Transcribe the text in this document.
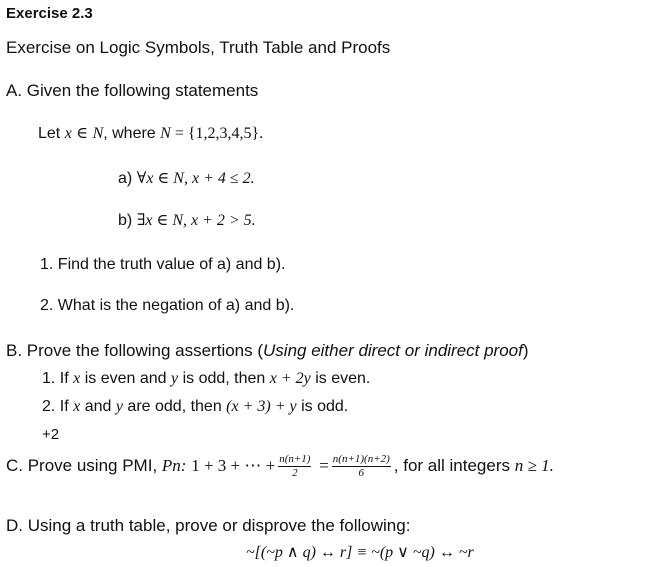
Exercise 2.3
Exercise on Logic Symbols, Truth Table and Proofs
A. Given the following statements
Let x ∈ N, where N = {1,2,3,4,5}.
a) ∀x ∈ N, x + 4 ≤ 2.
b) ∃x ∈ N, x + 2 > 5.
1. Find the truth value of a) and b).
2. What is the negation of a) and b).
B. Prove the following assertions (Using either direct or indirect proof)
1. If x is even and y is odd, then x + 2y is even.
2. If x and y are odd, then (x + 3) + y is odd.
+2
C. Prove using PMI, Pn: 1 + 3 + ⋯ + $\frac{n(n+1)}{2} = \frac{n(n+1)(n+2)}{6}$ , for all integers n ≥ 1.
D. Using a truth table, prove or disprove the following:
~[(~p ∧ q) ↔ r] ≡ ~(p ∨ ~q) ↔ ~r
